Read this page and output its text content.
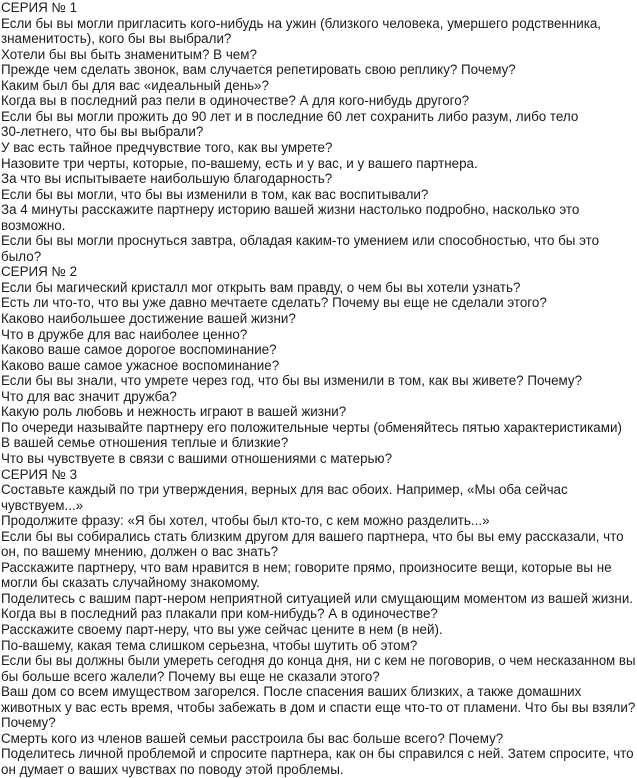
СЕРИЯ № 1

Если бы вы могли пригласить кого-нибудь на ужин (близкого человека, умершего родственника,

знаменитость), кого бы вы выбрали?

Хотели бы вы быть знаменитым? В чем?

Прежде чем сделать звонок, вам случается репетировать свою реплику? Почему?

Каким был бы для вас «идеальный день»?

Когда вы в последний раз пели в одиночестве? А для кого-нибудь другого?

Если бы вы могли прожить до 90 лет и в последние 60 лет сохранить либо разум, либо тело

30-летнего, что бы вы выбрали?

У вас есть тайное предчувствие того, как вы умрете?

Назовите три черты, которые, по-вашему, есть и у вас, и у вашего партнера.

За что вы испытываете наибольшую благодарность?

Если бы вы могли, что бы вы изменили в том, как вас воспитывали?

За 4 минуты расскажите партнеру историю вашей жизни настолько подробно, насколько это

возможно.

Если бы вы могли проснуться завтра, обладая каким-то умением или способностью, что бы это

было?

СЕРИЯ № 2

Если бы магический кристалл мог открыть вам правду, о чем бы вы хотели узнать?

Есть ли что-то, что вы уже давно мечтаете сделать? Почему вы еще не сделали этого?

Каково наибольшее достижение вашей жизни?

Что в дружбе для вас наиболее ценно?

Каково ваше самое дорогое воспоминание?

Каково ваше самое ужасное воспоминание?

Если бы вы знали, что умрете через год, что бы вы изменили в том, как вы живете? Почему?

Что для вас значит дружба?

Какую роль любовь и нежность играют в вашей жизни?

По очереди называйте партнеру его положительные черты (обменяйтесь пятью характеристиками)

В вашей семье отношения теплые и близкие?

Что вы чувствуете в связи с вашими отношениями с матерью?

СЕРИЯ № 3

Составьте каждый по три утверждения, верных для вас обоих. Например, «Мы оба сейчас

чувствуем...»

Продолжите фразу: «Я бы хотел, чтобы был кто-то, с кем можно разделить...»

Если бы вы собирались стать близким другом для вашего партнера, что бы вы ему рассказали, что

он, по вашему мнению, должен о вас знать?

Расскажите партнеру, что вам нравится в нем; говорите прямо, произносите вещи, которые вы не

могли бы сказать случайному знакомому.

Поделитесь с вашим парт-нером неприятной ситуацией или смущающим моментом из вашей жизни.

Когда вы в последний раз плакали при ком-нибудь? А в одиночестве?

Расскажите своему парт-неру, что вы уже сейчас цените в нем (в ней).

По-вашему, какая тема слишком серьезна, чтобы шутить об этом?

Если бы вы должны были умереть сегодня до конца дня, ни с кем не поговорив, о чем несказанном вы

бы больше всего жалели? Почему вы еще не сказали этого?

Ваш дом со всем имуществом загорелся. После спасения ваших близких, а также домашних

животных у вас есть время, чтобы забежать в дом и спасти еще что-то от пламени. Что бы вы взяли?

Почему?

Смерть кого из членов вашей семьи расстроила бы вас больше всего? Почему?

Поделитесь личной проблемой и спросите партнера, как он бы справился с ней. Затем спросите, что

он думает о ваших чувствах по поводу этой проблемы.
